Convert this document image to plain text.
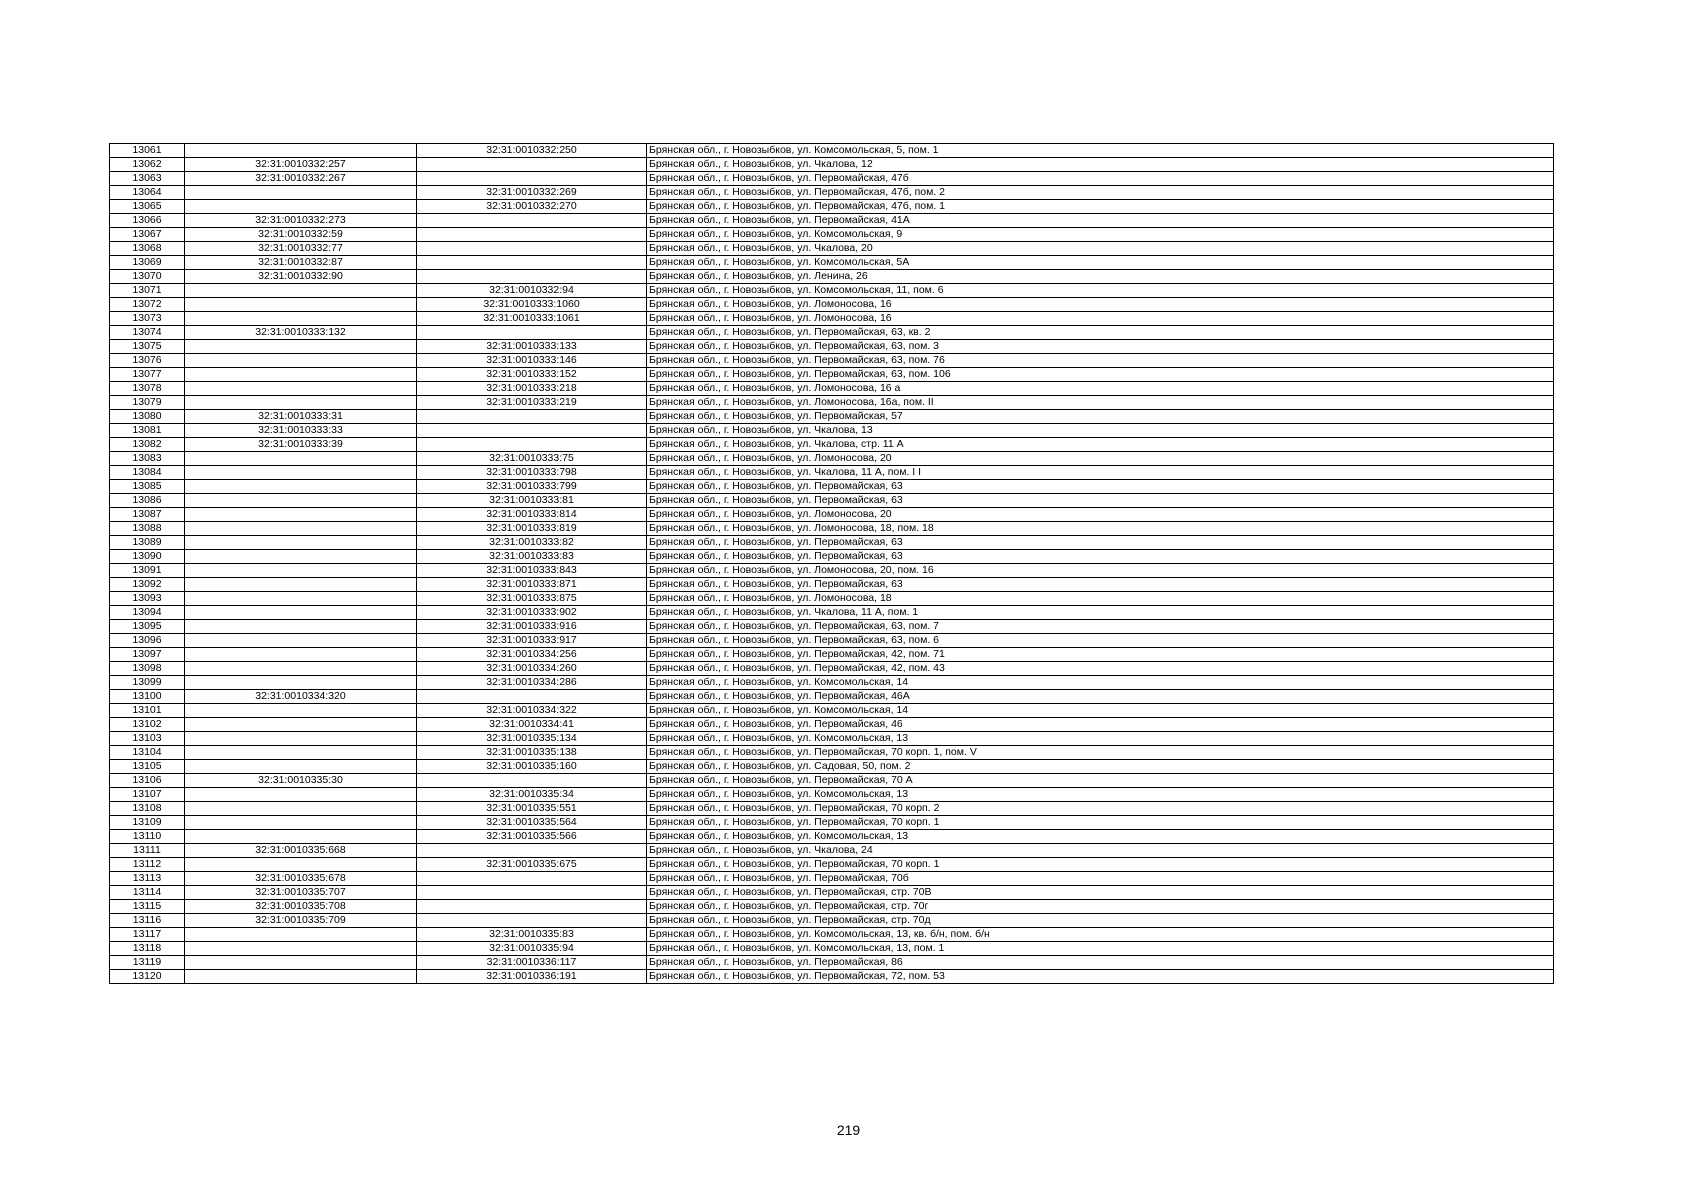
13061		32:31:0010332:250	Брянская обл., г. Новозыбков, ул. Комсомольская, 5, пом. 1
13062	32:31:0010332:257		Брянская обл., г. Новозыбков, ул. Чкалова, 12
13063	32:31:0010332:267		Брянская обл., г. Новозыбков, ул. Первомайская, 47б
13064		32:31:0010332:269	Брянская обл., г. Новозыбков, ул. Первомайская, 47б, пом. 2
13065		32:31:0010332:270	Брянская обл., г. Новозыбков, ул. Первомайская, 47б, пом. 1
13066	32:31:0010332:273		Брянская обл., г. Новозыбков, ул. Первомайская, 41А
13067	32:31:0010332:59		Брянская обл., г. Новозыбков, ул. Комсомольская, 9
13068	32:31:0010332:77		Брянская обл., г. Новозыбков, ул. Чкалова, 20
13069	32:31:0010332:87		Брянская обл., г. Новозыбков, ул. Комсомольская, 5А
13070	32:31:0010332:90		Брянская обл., г. Новозыбков, ул. Ленина, 26
13071		32:31:0010332:94	Брянская обл., г. Новозыбков, ул. Комсомольская, 11, пом. 6
13072		32:31:0010333:1060	Брянская обл., г. Новозыбков, ул. Ломоносова, 16
13073		32:31:0010333:1061	Брянская обл., г. Новозыбков, ул. Ломоносова, 16
13074	32:31:0010333:132		Брянская обл., г. Новозыбков, ул. Первомайская, 63, кв. 2
13075		32:31:0010333:133	Брянская обл., г. Новозыбков, ул. Первомайская, 63, пом. 3
13076		32:31:0010333:146	Брянская обл., г. Новозыбков, ул. Первомайская, 63, пом. 76
13077		32:31:0010333:152	Брянская обл., г. Новозыбков, ул. Первомайская, 63, пом. 106
13078		32:31:0010333:218	Брянская обл., г. Новозыбков, ул. Ломоносова, 16 а
13079		32:31:0010333:219	Брянская обл., г. Новозыбков, ул. Ломоносова, 16а, пом. II
13080	32:31:0010333:31		Брянская обл., г. Новозыбков, ул. Первомайская, 57
13081	32:31:0010333:33		Брянская обл., г. Новозыбков, ул. Чкалова, 13
13082	32:31:0010333:39		Брянская обл., г. Новозыбков, ул. Чкалова, стр. 11 А
13083		32:31:0010333:75	Брянская обл., г. Новозыбков, ул. Ломоносова, 20
13084		32:31:0010333:798	Брянская обл., г. Новозыбков, ул. Чкалова, 11 А, пом. I I
13085		32:31:0010333:799	Брянская обл., г. Новозыбков, ул. Первомайская, 63
13086		32:31:0010333:81	Брянская обл., г. Новозыбков, ул. Первомайская, 63
13087		32:31:0010333:814	Брянская обл., г. Новозыбков, ул. Ломоносова, 20
13088		32:31:0010333:819	Брянская обл., г. Новозыбков, ул. Ломоносова, 18, пом. 18
13089		32:31:0010333:82	Брянская обл., г. Новозыбков, ул. Первомайская, 63
13090		32:31:0010333:83	Брянская обл., г. Новозыбков, ул. Первомайская, 63
13091		32:31:0010333:843	Брянская обл., г. Новозыбков, ул. Ломоносова, 20, пом. 16
13092		32:31:0010333:871	Брянская обл., г. Новозыбков, ул. Первомайская, 63
13093		32:31:0010333:875	Брянская обл., г. Новозыбков, ул. Ломоносова, 18
13094		32:31:0010333:902	Брянская обл., г. Новозыбков, ул. Чкалова, 11 А, пом. 1
13095		32:31:0010333:916	Брянская обл., г. Новозыбков, ул. Первомайская, 63, пом. 7
13096		32:31:0010333:917	Брянская обл., г. Новозыбков, ул. Первомайская, 63, пом. 6
13097		32:31:0010334:256	Брянская обл., г. Новозыбков, ул. Первомайская, 42, пом. 71
13098		32:31:0010334:260	Брянская обл., г. Новозыбков, ул. Первомайская, 42, пом. 43
13099		32:31:0010334:286	Брянская обл., г. Новозыбков, ул. Комсомольская, 14
13100	32:31:0010334:320		Брянская обл., г. Новозыбков, ул. Первомайская, 46А
13101		32:31:0010334:322	Брянская обл., г. Новозыбков, ул. Комсомольская, 14
13102		32:31:0010334:41	Брянская обл., г. Новозыбков, ул. Первомайская, 46
13103		32:31:0010335:134	Брянская обл., г. Новозыбков, ул. Комсомольская, 13
13104		32:31:0010335:138	Брянская обл., г. Новозыбков, ул. Первомайская, 70 корп. 1, пом. V
13105		32:31:0010335:160	Брянская обл., г. Новозыбков, ул. Садовая, 50, пом. 2
13106	32:31:0010335:30		Брянская обл., г. Новозыбков, ул. Первомайская, 70 А
13107		32:31:0010335:34	Брянская обл., г. Новозыбков, ул. Комсомольская, 13
13108		32:31:0010335:551	Брянская обл., г. Новозыбков, ул. Первомайская, 70 корп. 2
13109		32:31:0010335:564	Брянская обл., г. Новозыбков, ул. Первомайская, 70 корп. 1
13110		32:31:0010335:566	Брянская обл., г. Новозыбков, ул. Комсомольская, 13
13111	32:31:0010335:668		Брянская обл., г. Новозыбков, ул. Чкалова, 24
13112		32:31:0010335:675	Брянская обл., г. Новозыбков, ул. Первомайская, 70 корп. 1
13113	32:31:0010335:678		Брянская обл., г. Новозыбков, ул. Первомайская, 70б
13114	32:31:0010335:707		Брянская обл., г. Новозыбков, ул. Первомайская, стр. 70В
13115	32:31:0010335:708		Брянская обл., г. Новозыбков, ул. Первомайская, стр. 70г
13116	32:31:0010335:709		Брянская обл., г. Новозыбков, ул. Первомайская, стр. 70д
13117		32:31:0010335:83	Брянская обл., г. Новозыбков, ул. Комсомольская, 13, кв. б/н, пом. б/н
13118		32:31:0010335:94	Брянская обл., г. Новозыбков, ул. Комсомольская, 13, пом. 1
13119		32:31:0010336:117	Брянская обл., г. Новозыбков, ул. Первомайская, 86
13120		32:31:0010336:191	Брянская обл., г. Новозыбков, ул. Первомайская, 72, пом. 53
219
